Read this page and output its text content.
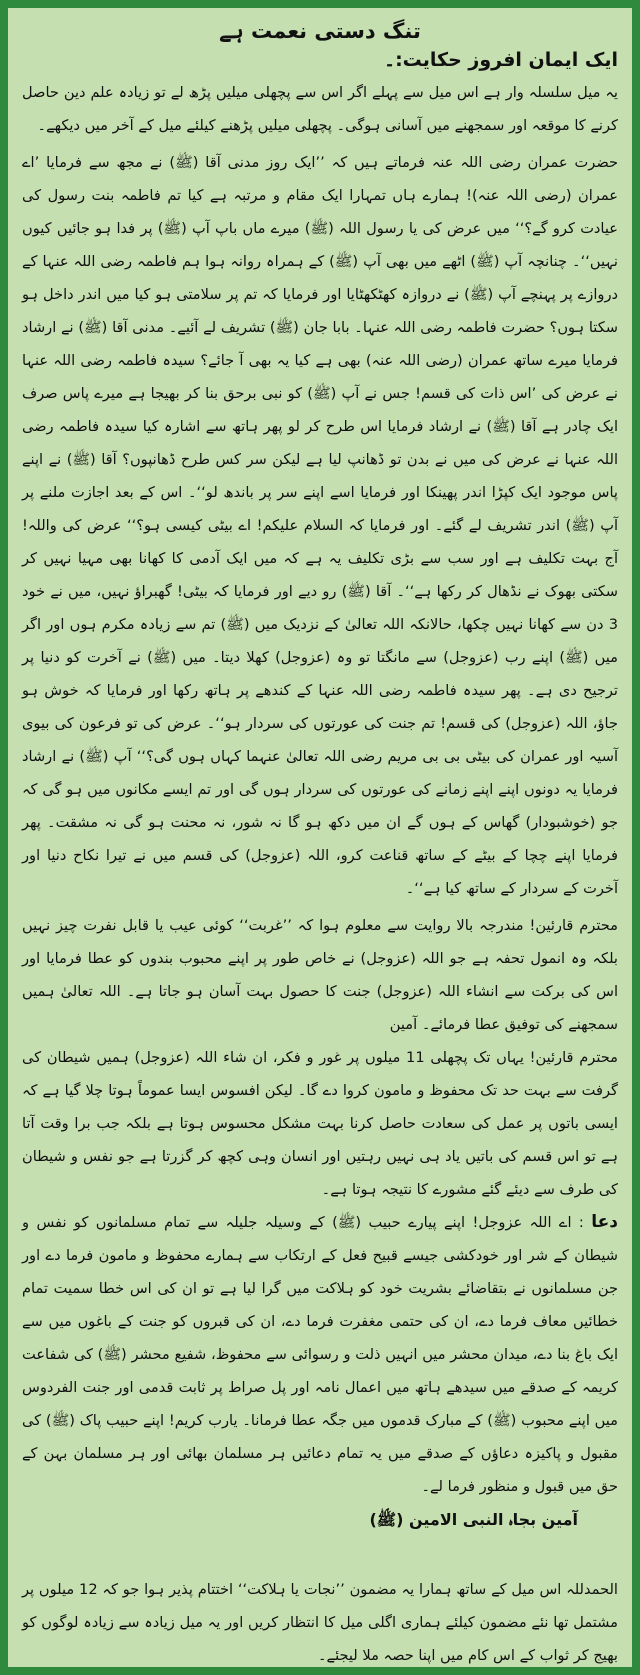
تنگ دستی نعمت ہے
ایک ایمان افروز حکایت:۔

یہ میل سلسلہ وار ہے اس میل سے پہلے اگر اس سے پچھلی میلیں پڑھ لے تو زیادہ علم دین حاصل کرنے کا موقعہ اور سمجھنے میں آسانی ہوگی۔ پچھلی میلیں پڑھنے کیلئے میل کے آخر میں دیکھے۔

حضرت عمران رضی اللہ عنہ فرماتے ہیں کہ ’’ایک روز مدنی آقا (ﷺ) نے مجھ سے فرمایا ’اے عمران (رضی اللہ عنہ)! ہمارے ہاں تمہارا ایک مقام و مرتبہ ہے کیا تم فاطمہ بنت رسول کی عیادت کرو گے؟‘‘ میں عرض کی یا رسول اللہ (ﷺ) میرے ماں باپ آپ (ﷺ) پر فدا ہو جائیں کیوں نہیں‘‘۔ چنانچہ آپ (ﷺ) اٹھے میں بھی آپ (ﷺ) کے ہمراہ روانہ ہوا ہم فاطمہ رضی اللہ عنہا کے دروازے پر پہنچے آپ (ﷺ) نے دروازہ کھٹکھٹایا اور فرمایا کہ تم پر سلامتی ہو کیا میں اندر داخل ہو سکتا ہوں؟ حضرت فاطمہ رضی اللہ عنہا۔ بابا جان (ﷺ) تشریف لے آئیے۔ مدنی آقا (ﷺ) نے ارشاد فرمایا میرے ساتھ عمران (رضی اللہ عنہ) بھی ہے کیا یہ بھی آ جائے؟ سیدہ فاطمہ رضی اللہ عنہا نے عرض کی ’اس ذات کی قسم! جس نے آپ (ﷺ) کو نبی برحق بنا کر بھیجا ہے میرے پاس صرف ایک چادر ہے آقا (ﷺ) نے ارشاد فرمایا اس طرح کر لو پھر ہاتھ سے اشارہ کیا سیدہ فاطمہ رضی اللہ عنہا نے عرض کی میں نے بدن تو ڈھانپ لیا ہے لیکن سر کس طرح ڈھانپوں؟ آقا (ﷺ) نے اپنے پاس موجود ایک کپڑا اندر پھینکا اور فرمایا اسے اپنے سر پر باندھ لو‘‘۔ اس کے بعد اجازت ملنے پر آپ (ﷺ) اندر تشریف لے گئے۔ اور فرمایا کہ السلام علیکم! اے بیٹی کیسی ہو؟‘‘ عرض کی واللہ! آج بہت تکلیف ہے اور سب سے بڑی تکلیف یہ ہے کہ میں ایک آدمی کا کھانا بھی مہیا نہیں کر سکتی بھوک نے نڈھال کر رکھا ہے‘‘۔ آقا (ﷺ) رو دیے اور فرمایا کہ بیٹی! گھبراؤ نہیں، میں نے خود 3 دن سے کھانا نہیں چکھا، حالانکہ اللہ تعالیٰ کے نزدیک میں (ﷺ) تم سے زیادہ مکرم ہوں اور اگر میں (ﷺ) اپنے رب (عزوجل) سے مانگتا تو وہ (عزوجل) کھلا دیتا۔ میں (ﷺ) نے آخرت کو دنیا پر ترجیح دی ہے۔ پھر سیدہ فاطمہ رضی اللہ عنہا کے کندھے پر ہاتھ رکھا اور فرمایا کہ خوش ہو جاؤ، اللہ (عزوجل) کی قسم! تم جنت کی عورتوں کی سردار ہو‘‘۔ عرض کی تو فرعون کی بیوی آسیہ اور عمران کی بیٹی بی بی مریم رضی اللہ تعالیٰ عنہما کہاں ہوں گی؟‘‘ آپ (ﷺ) نے ارشاد فرمایا یہ دونوں اپنے اپنے زمانے کی عورتوں کی سردار ہوں گی اور تم ایسے مکانوں میں ہو گی کہ جو (خوشبودار) گھاس کے ہوں گے ان میں دکھ ہو گا نہ شور، نہ محنت ہو گی نہ مشقت۔ پھر فرمایا اپنے چچا کے بیٹے کے ساتھ قناعت کرو، اللہ (عزوجل) کی قسم میں نے تیرا نکاح دنیا اور آخرت کے سردار کے ساتھ کیا ہے‘‘۔

محترم قارئین! مندرجہ بالا روایت سے معلوم ہوا کہ ’’غربت‘‘ کوئی عیب یا قابل نفرت چیز نہیں بلکہ وہ انمول تحفہ ہے جو اللہ (عزوجل) نے خاص طور پر اپنے محبوب بندوں کو عطا فرمایا اور اس کی برکت سے انشاء اللہ (عزوجل) جنت کا حصول بہت آسان ہو جاتا ہے۔ اللہ تعالیٰ ہمیں سمجھنے کی توفیق عطا فرمائے۔ آمین

محترم قارئین! یہاں تک پچھلی 11 میلوں پر غور و فکر، ان شاء اللہ (عزوجل) ہمیں شیطان کی گرفت سے بہت حد تک محفوظ و مامون کروا دے گا۔ لیکن افسوس ایسا عموماً ہوتا چلا گیا ہے کہ ایسی باتوں پر عمل کی سعادت حاصل کرنا بہت مشکل محسوس ہوتا ہے بلکہ جب برا وقت آتا ہے تو اس قسم کی باتیں یاد ہی نہیں رہتیں اور انسان وہی کچھ کر گزرتا ہے جو نفس و شیطان کی طرف سے دیئے گئے مشورے کا نتیجہ ہوتا ہے۔

دعا : اے اللہ عزوجل! اپنے پیارے حبیب (ﷺ) کے وسیلہ جلیلہ سے تمام مسلمانوں کو نفس و شیطان کے شر اور خودکشی جیسے قبیح فعل کے ارتکاب سے ہمارے محفوظ و مامون فرما دے اور جن مسلمانوں نے بتقاضائے بشریت خود کو ہلاکت میں گرا لیا ہے تو ان کی اس خطا سمیت تمام خطائیں معاف فرما دے، ان کی حتمی مغفرت فرما دے، ان کی قبروں کو جنت کے باغوں میں سے ایک باغ بنا دے، میدان محشر میں انہیں ذلت و رسوائی سے محفوظ، شفیع محشر (ﷺ) کی شفاعت کریمہ کے صدقے میں سیدھے ہاتھ میں اعمال نامہ اور پل صراط پر ثابت قدمی اور جنت الفردوس میں اپنے محبوب (ﷺ) کے مبارک قدموں میں جگہ عطا فرمانا۔ یارب کریم! اپنے حبیب پاک (ﷺ) کی مقبول و پاکیزہ دعاؤں کے صدقے میں یہ تمام دعائیں ہر مسلمان بھائی اور ہر مسلمان بہن کے حق میں قبول و منظور فرما لے۔

آمین بجاہ النبی الامین (ﷺ)

الحمدللہ اس میل کے ساتھ ہمارا یہ مضمون ’’نجات یا ہلاکت‘‘ اختتام پذیر ہوا جو کہ 12 میلوں پر مشتمل تھا نئے مضمون کیلئے ہماری اگلی میل کا انتظار کریں اور یہ میل زیادہ سے زیادہ لوگوں کو بھیج کر ثواب کے اس کام میں اپنا حصہ ملا لیجئے۔
